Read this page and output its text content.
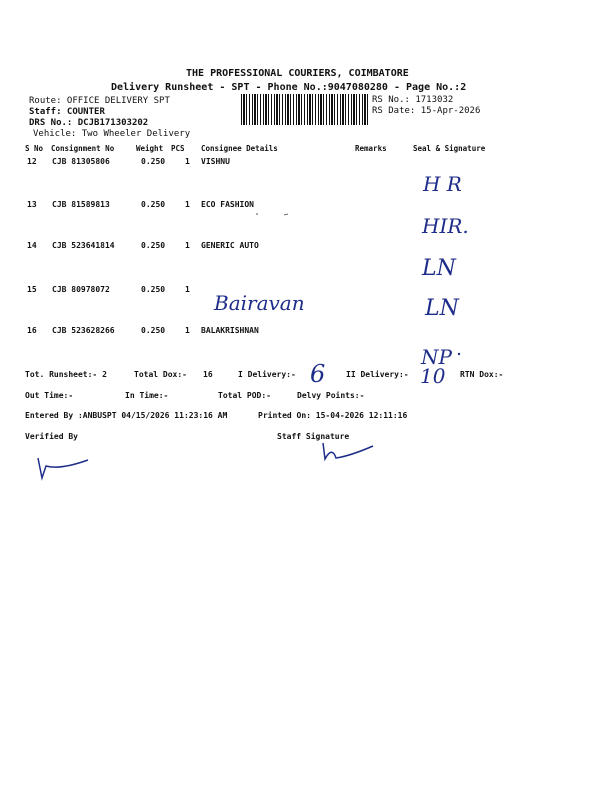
THE PROFESSIONAL COURIERS, COIMBATORE
Delivery Runsheet - SPT - Phone No.:9047080280 - Page No.:2
Route: OFFICE DELIVERY SPT
Staff: COUNTER
DRS No.: DCJB171303202
Vehicle: Two Wheeler Delivery
RS No.: 1713032
RS Date: 15-Apr-2026
S No Consignment No	Weight PCS Consignee Details	Remarks	Seal & Signature
12 CJB 81305806	0.250 1 VISHNU
H R
13 CJB 81589813	0.250 1 ECO FASHION
HIR.
14 CJB 523641814	0.250 1 GENERIC AUTO
LN
15 CJB 80978072	0.250 1
Bairavan	LN
16 CJB 523628266	0.250 1 BALAKRISHNAN
NP
Tot. Runsheet:- 2	Total Dox:- 16	I Delivery:- 6	II Delivery:- 10 RTN Dox:-
Out Time:-	In Time:-	Total POD:-	Delvy Points:-
Entered By :ANBUSPT 04/15/2026 11:23:16 AM	Printed On: 15-04-2026 12:11:16
Verified By	Staff Signature
